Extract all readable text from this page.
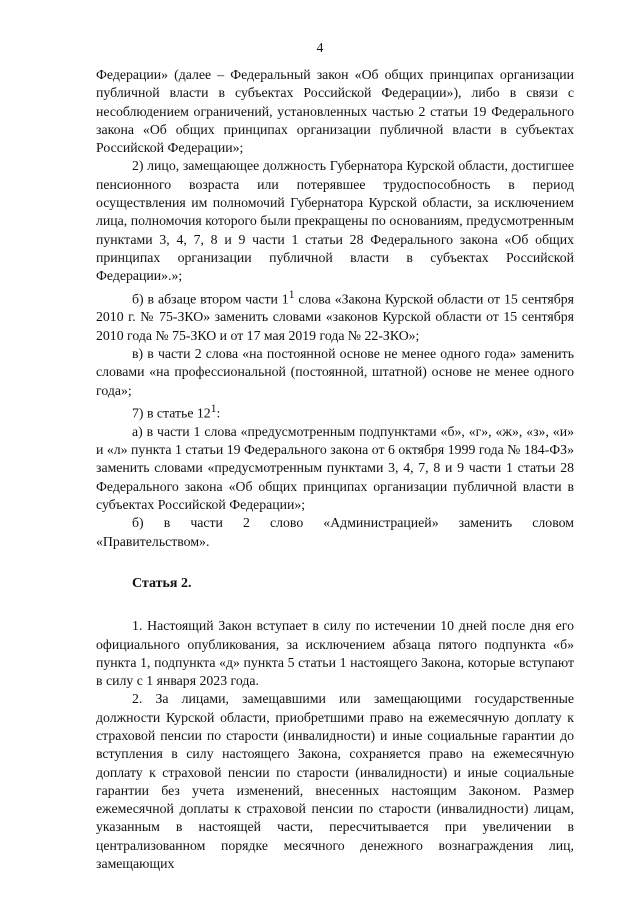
4

Федерации» (далее – Федеральный закон «Об общих принципах организации публичной власти в субъектах Российской Федерации»), либо в связи с несоблюдением ограничений, установленных частью 2 статьи 19 Федерального закона «Об общих принципах организации публичной власти в субъектах Российской Федерации»;

2) лицо, замещающее должность Губернатора Курской области, достигшее пенсионного возраста или потерявшее трудоспособность в период осуществления им полномочий Губернатора Курской области, за исключением лица, полномочия которого были прекращены по основаниям, предусмотренным пунктами 3, 4, 7, 8 и 9 части 1 статьи 28 Федерального закона «Об общих принципах организации публичной власти в субъектах Российской Федерации».»;

б) в абзаце втором части $1^1$ слова «Закона Курской области от 15 сентября 2010 г. № 75-ЗКО» заменить словами «законов Курской области от 15 сентября 2010 года № 75-ЗКО и от 17 мая 2019 года № 22-ЗКО»;

в) в части 2 слова «на постоянной основе не менее одного года» заменить словами «на профессиональной (постоянной, штатной) основе не менее одного года»;

7) в статье $12^1$:

а) в части 1 слова «предусмотренным подпунктами «б», «г», «ж», «з», «и» и «л» пункта 1 статьи 19 Федерального закона от 6 октября 1999 года № 184-ФЗ» заменить словами «предусмотренным пунктами 3, 4, 7, 8 и 9 части 1 статьи 28 Федерального закона «Об общих принципах организации публичной власти в субъектах Российской Федерации»;

б) в части 2 слово «Администрацией» заменить словом «Правительством».

Статья 2.

1. Настоящий Закон вступает в силу по истечении 10 дней после дня его официального опубликования, за исключением абзаца пятого подпункта «б» пункта 1, подпункта «д» пункта 5 статьи 1 настоящего Закона, которые вступают в силу с 1 января 2023 года.

2. За лицами, замещавшими или замещающими государственные должности Курской области, приобретшими право на ежемесячную доплату к страховой пенсии по старости (инвалидности) и иные социальные гарантии до вступления в силу настоящего Закона, сохраняется право на ежемесячную доплату к страховой пенсии по старости (инвалидности) и иные социальные гарантии без учета изменений, внесенных настоящим Законом. Размер ежемесячной доплаты к страховой пенсии по старости (инвалидности) лицам, указанным в настоящей части, пересчитывается при увеличении в централизованном порядке месячного денежного вознаграждения лиц, замещающих
